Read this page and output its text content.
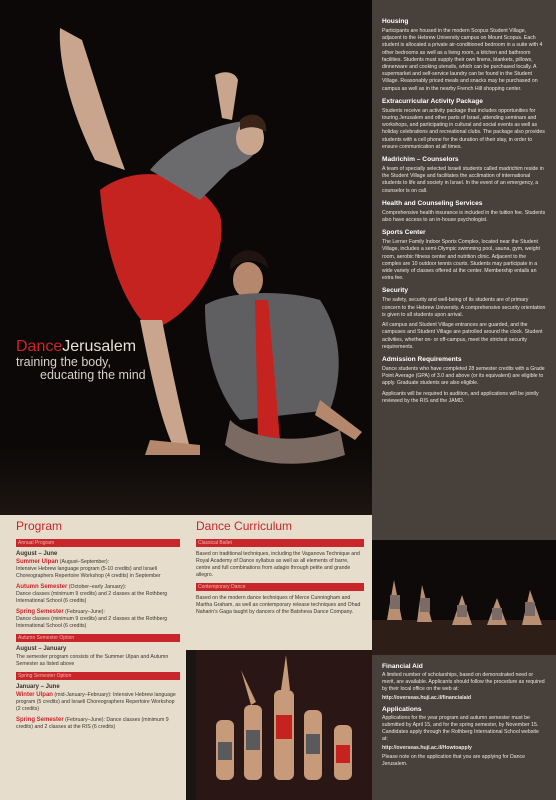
DanceJerusalem
training the body,
educating the mind
Housing

Participants are housed in the modern Scopus Student Village, adjacent to the Hebrew University campus on Mount Scopus. Each student is allocated a private air-conditioned bedroom in a suite with 4 other bedrooms as well as a living room, a kitchen and bathroom facilities. Students must supply their own linens, blankets, pillows, dinnerware and cooking utensils, which can be purchased locally. A supermarket and self-service laundry can be found in the Student Village. Reasonably priced meals and snacks may be purchased on campus as well as in the nearby French Hill shopping center.

Extracurricular Activity Package

Students receive an activity package that includes opportunities for touring Jerusalem and other parts of Israel, attending seminars and workshops, and participating in cultural and social events as well as holiday celebrations and recreational clubs. The package also provides students with a cell phone for the duration of their stay, in order to ensure communication at all times.

Madrichim – Counselors

A team of specially selected Israeli students called madrichim reside in the Student Village and facilitates the acclimation of international students to life and society in Israel. In the event of an emergency, a counselor is on call.

Health and Counseling Services

Comprehensive health insurance is included in the tuition fee. Students also have access to an in-house psychologist.

Sports Center

The Lerner Family Indoor Sports Complex, located near the Student Village, includes a semi-Olympic swimming pool, sauna, gym, weight room, aerobic fitness center and nutrition clinic. Adjacent to the complex are 10 outdoor tennis courts. Students may participate in a wide variety of classes offered at the center. Membership entails an extra fee.

Security

The safety, security and well-being of its students are of primary concern to the Hebrew University. A comprehensive security orientation is given to all students upon arrival.

All campus and Student Village entrances are guarded, and the campuses and Student Village are patrolled around the clock. Student activities, whether on- or off-campus, meet the strictest security requirements.

Admission Requirements

Dance students who have completed 28 semester credits with a Grade Point Average (GPA) of 3.0 and above (or its equivalent) are eligible to apply. Graduate students are also eligible.

Applicants will be required to audition, and applications will be jointly reviewed by the RIS and the JAMD.

Program
Annual Program
August – June
Summer Ulpan (August–September):
Intensive Hebrew language program (5-10 credits) and Israeli Choreographers Repertoire Workshop (4 credits) in September
Autumn Semester (October–early January):
Dance classes (minimum 9 credits) and 2 classes at the Rothberg International School (6 credits)
Spring Semester (February–June):
Dance classes (minimum 9 credits) and 2 classes at the Rothberg International School (6 credits)
Autumn Semester Option
August – January
The semester program consists of the Summer Ulpan and Autumn Semester as listed above
Spring Semester Option
January – June
Winter Ulpan (mid-January–February): Intensive Hebrew language program (5 credits) and Israeli Choreographers Repertoire Workshop (2 credits)
Spring Semester (February–June): Dance classes (minimum 9 credits) and 2 classes at the RIS (6 credits)
Dance Curriculum
Classical Ballet
Based on traditional techniques, including the Vaganova Technique and Royal Academy of Dance syllabus as well as all elements of barre, centre and full combinations from adagio through petite and grande allegro.
Contemporary Dance
Based on the modern dance techniques of Merce Cunningham and Martha Graham, as well as contemporary release techniques and Ohad Naharin's Gaga taught by dancers of the Batsheva Dance Company.
Financial Aid

A limited number of scholarships, based on demonstrated need or merit, are available. Applicants should follow the procedure as required by their local office on the web at:

http://overseas.huji.ac.il/financialaid

Applications

Applications for the year program and autumn semester must be submitted by April 15, and for the spring semester, by November 15. Candidates apply through the Rothberg International School website at:

http://overseas.huji.ac.il/Howtoapply

Please note on the application that you are applying for Dance Jerusalem.
